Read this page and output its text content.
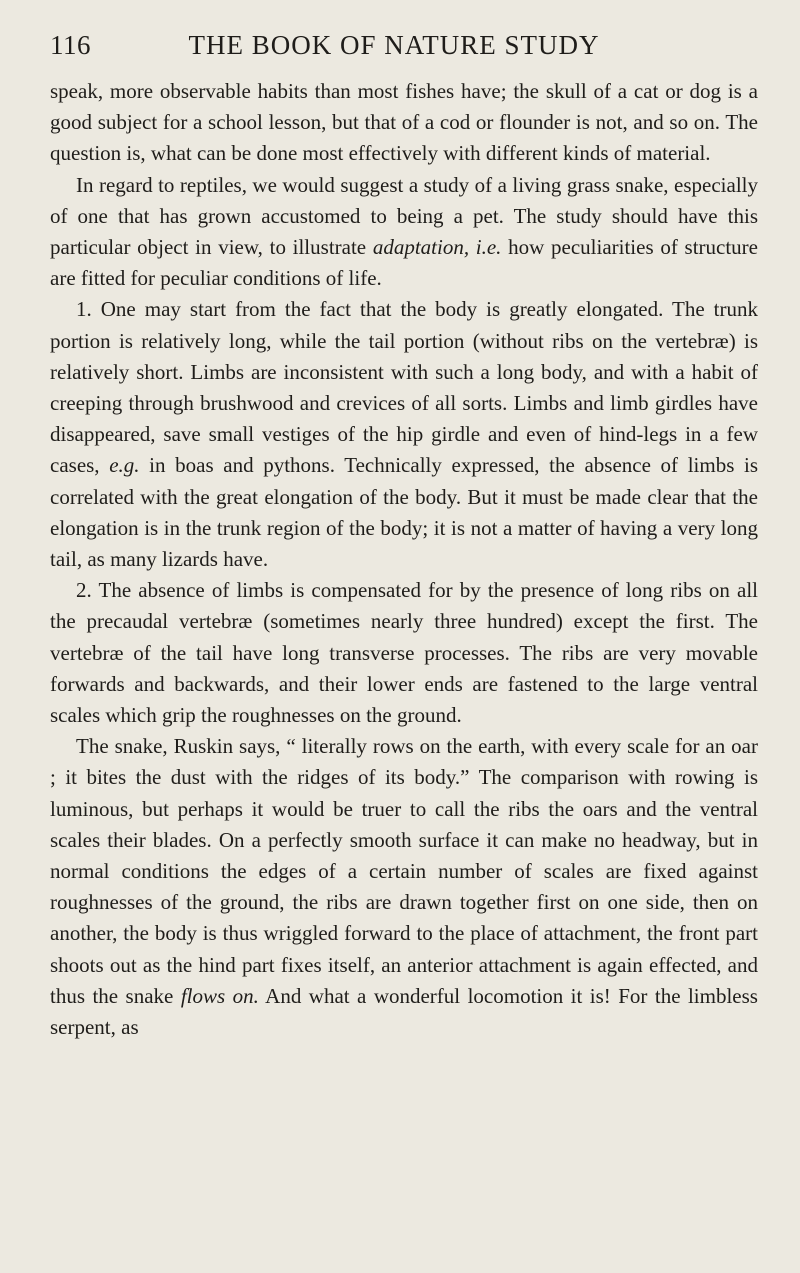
116	THE BOOK OF NATURE STUDY

speak, more observable habits than most fishes have; the skull of a cat or dog is a good subject for a school lesson, but that of a cod or flounder is not, and so on. The question is, what can be done most effectively with different kinds of material.

In regard to reptiles, we would suggest a study of a living grass snake, especially of one that has grown accustomed to being a pet. The study should have this particular object in view, to illustrate adaptation, i.e. how peculiarities of structure are fitted for peculiar conditions of life.

1. One may start from the fact that the body is greatly elongated. The trunk portion is relatively long, while the tail portion (without ribs on the vertebræ) is relatively short. Limbs are inconsistent with such a long body, and with a habit of creeping through brushwood and crevices of all sorts. Limbs and limb girdles have disappeared, save small vestiges of the hip girdle and even of hind-legs in a few cases, e.g. in boas and pythons. Technically expressed, the absence of limbs is correlated with the great elongation of the body. But it must be made clear that the elongation is in the trunk region of the body; it is not a matter of having a very long tail, as many lizards have.

2. The absence of limbs is compensated for by the presence of long ribs on all the precaudal vertebræ (sometimes nearly three hundred) except the first. The vertebræ of the tail have long transverse processes. The ribs are very movable forwards and backwards, and their lower ends are fastened to the large ventral scales which grip the roughnesses on the ground.

The snake, Ruskin says, “ literally rows on the earth, with every scale for an oar ; it bites the dust with the ridges of its body.” The comparison with rowing is luminous, but perhaps it would be truer to call the ribs the oars and the ventral scales their blades. On a perfectly smooth surface it can make no headway, but in normal conditions the edges of a certain number of scales are fixed against roughnesses of the ground, the ribs are drawn together first on one side, then on another, the body is thus wriggled forward to the place of attachment, the front part shoots out as the hind part fixes itself, an anterior attachment is again effected, and thus the snake flows on. And what a wonderful locomotion it is! For the limbless serpent, as
